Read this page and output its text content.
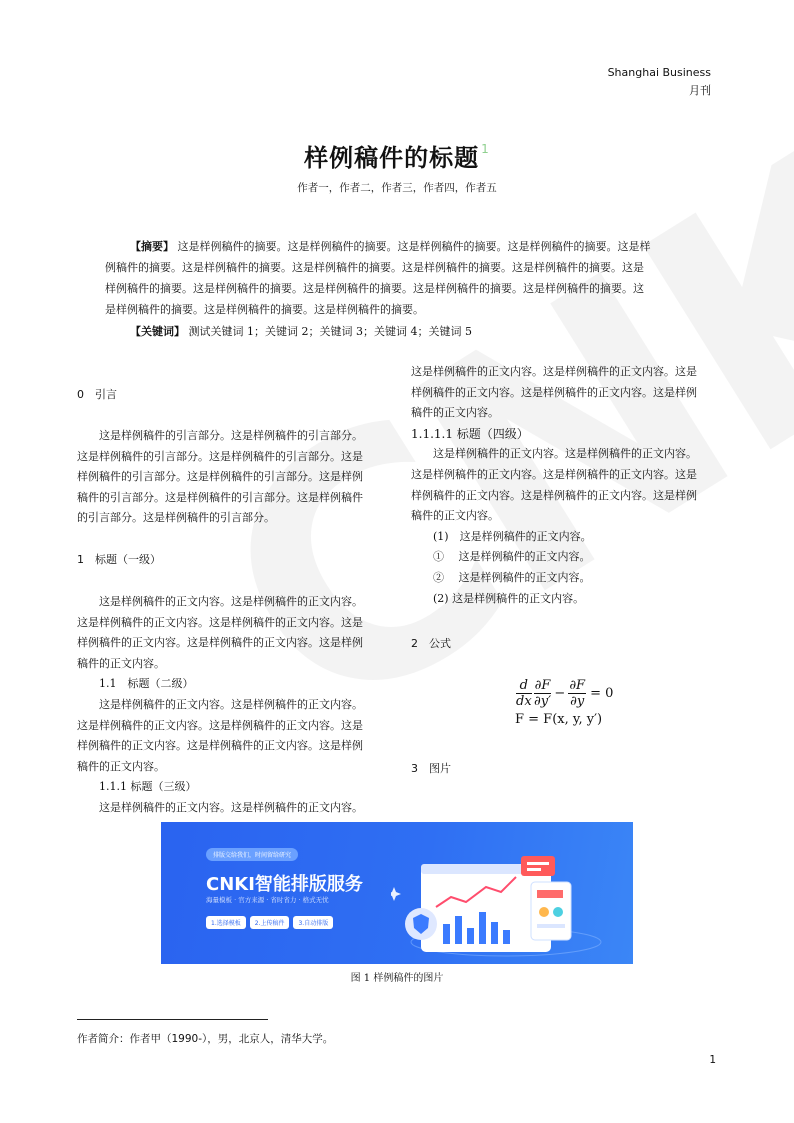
Shanghai Business
月刊
样例稿件的标题 $^1$
作者一，作者二，作者三，作者四，作者五
【摘要】 这是样例稿件的摘要。这是样例稿件的摘要。这是样例稿件的摘要。这是样例稿件的摘要。这是样
例稿件的摘要。这是样例稿件的摘要。这是样例稿件的摘要。这是样例稿件的摘要。这是样例稿件的摘要。这是
样例稿件的摘要。这是样例稿件的摘要。这是样例稿件的摘要。这是样例稿件的摘要。这是样例稿件的摘要。这
是样例稿件的摘要。这是样例稿件的摘要。这是样例稿件的摘要。
【关键词】 测试关键词 1；关键词 2；关键词 3；关键词 4；关键词 5
0　引言
这是样例稿件的引言部分。这是样例稿件的引言部分。
这是样例稿件的引言部分。这是样例稿件的引言部分。这是
样例稿件的引言部分。这是样例稿件的引言部分。这是样例
稿件的引言部分。这是样例稿件的引言部分。这是样例稿件
的引言部分。这是样例稿件的引言部分。
1　标题（一级）
这是样例稿件的正文内容。这是样例稿件的正文内容。
这是样例稿件的正文内容。这是样例稿件的正文内容。这是
样例稿件的正文内容。这是样例稿件的正文内容。这是样例
稿件的正文内容。
1.1　标题（二级）
这是样例稿件的正文内容。这是样例稿件的正文内容。
这是样例稿件的正文内容。这是样例稿件的正文内容。这是
样例稿件的正文内容。这是样例稿件的正文内容。这是样例
稿件的正文内容。
1.1.1 标题（三级）
这是样例稿件的正文内容。这是样例稿件的正文内容。
这是样例稿件的正文内容。这是样例稿件的正文内容。这是
样例稿件的正文内容。这是样例稿件的正文内容。这是样例
稿件的正文内容。
1.1.1.1 标题（四级）
这是样例稿件的正文内容。这是样例稿件的正文内容。
这是样例稿件的正文内容。这是样例稿件的正文内容。这是
样例稿件的正文内容。这是样例稿件的正文内容。这是样例
稿件的正文内容。
(1)　这是样例稿件的正文内容。
①　 这是样例稿件的正文内容。
②　 这是样例稿件的正文内容。
(2) 这是样例稿件的正文内容。
2　公式
$\frac{d}{dx} \frac{\partial F}{\partial y'} - \frac{\partial F}{\partial y} = 0$
F = F(x, y, y′)
3　图片
排版交给我们，时间留给研究
CNKI智能排版服务
海量模板 · 官方来源 · 省时省力 · 格式无忧
1.选择模板	2.上传稿件	3.自动排版
图 1 样例稿件的图片
作者简介：作者甲（1990-），男，北京人，清华大学。
1
